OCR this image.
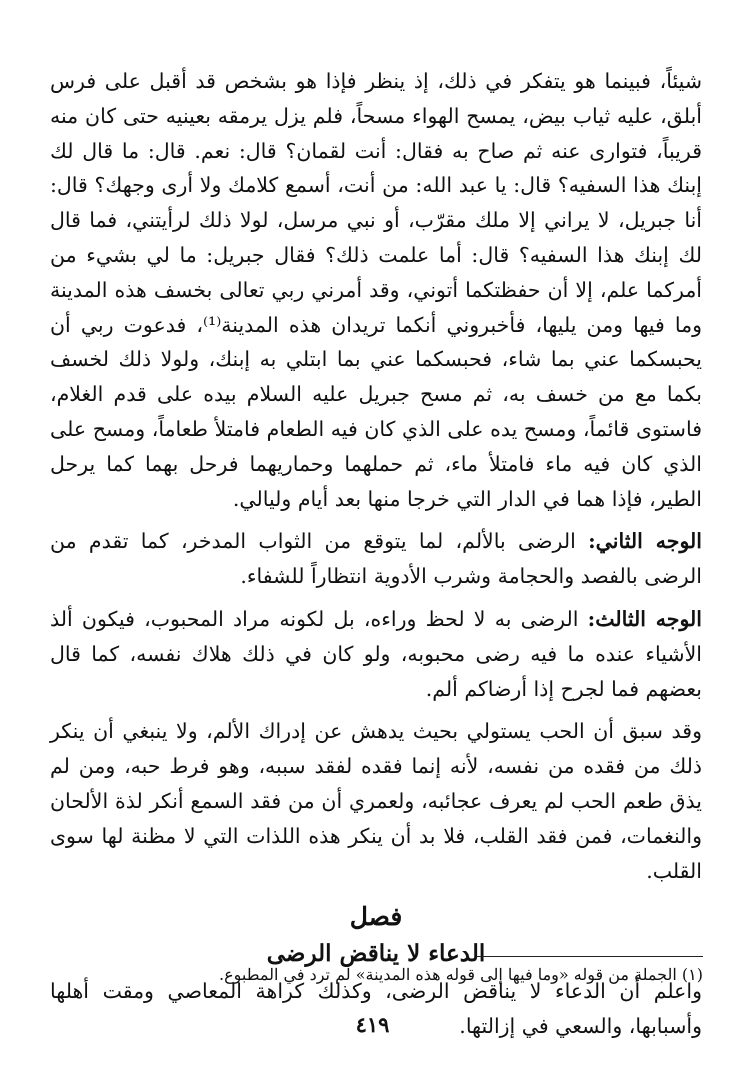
شيئاً، فبينما هو يتفكر في ذلك، إذ ينظر فإذا هو بشخص قد أقبل على فرس أبلق، عليه ثياب بيض، يمسح الهواء مسحاً، فلم يزل يرمقه بعينيه حتى كان منه قريباً، فتوارى عنه ثم صاح به فقال: أنت لقمان؟ قال: نعم. قال: ما قال لك إبنك هذا السفيه؟ قال: يا عبد الله: من أنت، أسمع كلامك ولا أرى وجهك؟ قال: أنا جبريل، لا يراني إلا ملك مقرّب، أو نبي مرسل، لولا ذلك لرأيتني، فما قال لك إبنك هذا السفيه؟ قال: أما علمت ذلك؟ فقال جبريل: ما لي بشيء من أمركما علم، إلا أن حفظتكما أتوني، وقد أمرني ربي تعالى بخسف هذه المدينة وما فيها ومن يليها، فأخبروني أنكما تريدان هذه المدينة⁽¹⁾، فدعوت ربي أن يحبسكما عني بما شاء، فحبسكما عني بما ابتلي به إبنك، ولولا ذلك لخسف بكما مع من خسف به، ثم مسح جبريل عليه السلام بيده على قدم الغلام، فاستوى قائماً، ومسح يده على الذي كان فيه الطعام فامتلأ طعاماً، ومسح على الذي كان فيه ماء فامتلأ ماء، ثم حملهما وحماريهما فرحل بهما كما يرحل الطير، فإذا هما في الدار التي خرجا منها بعد أيام وليالي.

الوجه الثاني: الرضى بالألم، لما يتوقع من الثواب المدخر، كما تقدم من الرضى بالفصد والحجامة وشرب الأدوية انتظاراً للشفاء.

الوجه الثالث: الرضى به لا لحظ وراءه، بل لكونه مراد المحبوب، فيكون ألذ الأشياء عنده ما فيه رضى محبوبه، ولو كان في ذلك هلاك نفسه، كما قال بعضهم فما لجرح إذا أرضاكم ألم.

وقد سبق أن الحب يستولي بحيث يدهش عن إدراك الألم، ولا ينبغي أن ينكر ذلك من فقده من نفسه، لأنه إنما فقده لفقد سببه، وهو فرط حبه، ومن لم يذق طعم الحب لم يعرف عجائبه، ولعمري أن من فقد السمع أنكر لذة الألحان والنغمات، فمن فقد القلب، فلا بد أن ينكر هذه اللذات التي لا مظنة لها سوى القلب.

فصل
الدعاء لا يناقض الرضى

واعلم أن الدعاء لا يناقض الرضى، وكذلك كراهة المعاصي ومقت أهلها وأسبابها، والسعي في إزالتها.

(١) الجملة من قوله «وما فيها إلى قوله هذه المدينة» لم ترد في المطبوع.
٤١٩
